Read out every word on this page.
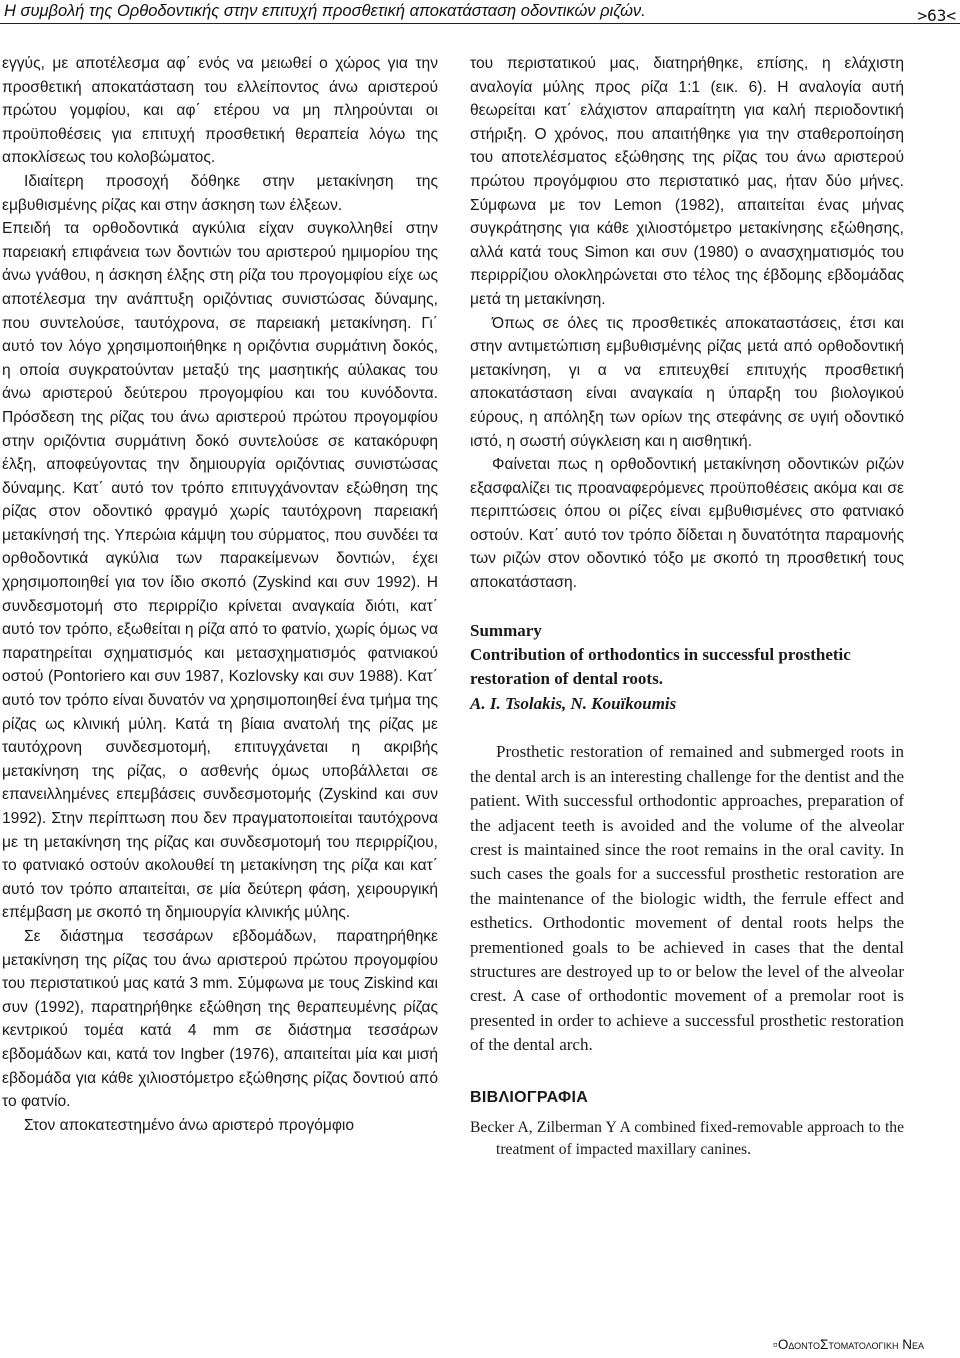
Η συμβολή της Ορθοδοντικής στην επιτυχή προσθετική αποκατάσταση οδοντικών ριζών.	>63<

εγγύς, με αποτέλεσμα αφ΄ ενός να μειωθεί ο χώρος για την προσθετική αποκατάσταση του ελλείποντος άνω αριστερού πρώτου γομφίου, και αφ΄ ετέρου να μη πληρούνται οι προϋποθέσεις για επιτυχή προσθετική θεραπεία λόγω της αποκλίσεως του κολοβώματος.

Ιδιαίτερη προσοχή δόθηκε στην μετακίνηση της εμβυθισμένης ρίζας και στην άσκηση των έλξεων.

Επειδή τα ορθοδοντικά αγκύλια είχαν συγκολληθεί στην παρειακή επιφάνεια των δοντιών του αριστερού ημιμορίου της άνω γνάθου, η άσκηση έλξης στη ρίζα του προγομφίου είχε ως αποτέλεσμα την ανάπτυξη οριζόντιας συνιστώσας δύναμης, που συντελούσε, ταυτόχρονα, σε παρειακή μετακίνηση. Γι΄ αυτό τον λόγο χρησιμοποιήθηκε η οριζόντια συρμάτινη δοκός, η οποία συγκρατούνταν μεταξύ της μασητικής αύλακας του άνω αριστερού δεύτερου προγομφίου και του κυνόδοντα. Πρόσδεση της ρίζας του άνω αριστερού πρώτου προγομφίου στην οριζόντια συρμάτινη δοκό συντελούσε σε κατακόρυφη έλξη, αποφεύγοντας την δημιουργία οριζόντιας συνιστώσας δύναμης. Κατ΄ αυτό τον τρόπο επιτυγχάνονταν εξώθηση της ρίζας στον οδοντικό φραγμό χωρίς ταυτόχρονη παρειακή μετακίνησή της. Υπερώια κάμψη του σύρματος, που συνδέει τα ορθοδοντικά αγκύλια των παρακείμενων δοντιών, έχει χρησιμοποιηθεί για τον ίδιο σκοπό (Zyskind και συν 1992). Η συνδεσμοτομή στο περιρρίζιο κρίνεται αναγκαία διότι, κατ΄ αυτό τον τρόπο, εξωθείται η ρίζα από το φατνίο, χωρίς όμως να παρατηρείται σχηματισμός και μετασχηματισμός φατνιακού οστού (Pontoriero και συν 1987, Kozlovsky και συν 1988). Κατ΄ αυτό τον τρόπο είναι δυνατόν να χρησιμοποιηθεί ένα τμήμα της ρίζας ως κλινική μύλη. Κατά τη βίαια ανατολή της ρίζας με ταυτόχρονη συνδεσμοτομή, επιτυγχάνεται η ακριβής μετακίνηση της ρίζας, ο ασθενής όμως υποβάλλεται σε επανειλλημένες επεμβάσεις συνδεσμοτομής (Zyskind και συν 1992). Στην περίπτωση που δεν πραγματοποιείται ταυτόχρονα με τη μετακίνηση της ρίζας και συνδεσμοτομή του περιρρίζιου, το φατνιακό οστούν ακολουθεί τη μετακίνηση της ρίζα και κατ΄ αυτό τον τρόπο απαιτείται, σε μία δεύτερη φάση, χειρουργική επέμβαση με σκοπό τη δημιουργία κλινικής μύλης.

Σε διάστημα τεσσάρων εβδομάδων, παρατηρήθηκε μετακίνηση της ρίζας του άνω αριστερού πρώτου προγομφίου του περιστατικού μας κατά 3 mm. Σύμφωνα με τους Ziskind και συν (1992), παρατηρήθηκε εξώθηση της θεραπευμένης ρίζας κεντρικού τομέα κατά 4 mm σε διάστημα τεσσάρων εβδομάδων και, κατά τον Ingber (1976), απαιτείται μία και μισή εβδομάδα για κάθε χιλιοστόμετρο εξώθησης ρίζας δοντιού από το φατνίο.

Στον αποκατεστημένο άνω αριστερό προγόμφιο

του περιστατικού μας, διατηρήθηκε, επίσης, η ελάχιστη αναλογία μύλης προς ρίζα 1:1 (εικ. 6). Η αναλογία αυτή θεωρείται κατ΄ ελάχιστον απαραίτητη για καλή περιοδοντική στήριξη. Ο χρόνος, που απαιτήθηκε για την σταθεροποίηση του αποτελέσματος εξώθησης της ρίζας του άνω αριστερού πρώτου προγόμφιου στο περιστατικό μας, ήταν δύο μήνες. Σύμφωνα με τον Lemon (1982), απαιτείται ένας μήνας συγκράτησης για κάθε χιλιοστόμετρο μετακίνησης εξώθησης, αλλά κατά τους Simon και συν (1980) ο ανασχηματισμός του περιρρίζιου ολοκληρώνεται στο τέλος της έβδομης εβδομάδας μετά τη μετακίνηση.

Όπως σε όλες τις προσθετικές αποκαταστάσεις, έτσι και στην αντιμετώπιση εμβυθισμένης ρίζας μετά από ορθοδοντική μετακίνηση, γι α να επιτευχθεί επιτυχής προσθετική αποκατάσταση είναι αναγκαία η ύπαρξη του βιολογικού εύρους, η απόληξη των ορίων της στεφάνης σε υγιή οδοντικό ιστό, η σωστή σύγκλειση και η αισθητική.

Φαίνεται πως η ορθοδοντική μετακίνηση οδοντικών ριζών εξασφαλίζει τις προαναφερόμενες προϋποθέσεις ακόμα και σε περιπτώσεις όπου οι ρίζες είναι εμβυθισμένες στο φατνιακό οστούν. Κατ΄ αυτό τον τρόπο δίδεται η δυνατότητα παραμονής των ριζών στον οδοντικό τόξο με σκοπό τη προσθετική τους αποκατάσταση.

Summary

Contribution of orthodontics in successful prosthetic restoration of dental roots.

A. I. Tsolakis, N. Kouïkoumis

Prosthetic restoration of remained and submerged roots in the dental arch is an interesting challenge for the dentist and the patient. With successful orthodontic approaches, preparation of the adjacent teeth is avoided and the volume of the alveolar crest is maintained since the root remains in the oral cavity. In such cases the goals for a successful prosthetic restoration are the maintenance of the biologic width, the ferrule effect and esthetics. Orthodontic movement of dental roots helps the prementioned goals to be achieved in cases that the dental structures are destroyed up to or below the level of the alveolar crest. A case of orthodontic movement of a premolar root is presented in order to achieve a successful prosthetic restoration of the dental arch.

ΒΙΒΛΙΟΓΡΑΦΙΑ

Becker A, Zilberman Y A combined fixed-removable approach to the treatment of impacted maxillary canines.

▫ΟδοντοΣτοματολογικη Νεα
